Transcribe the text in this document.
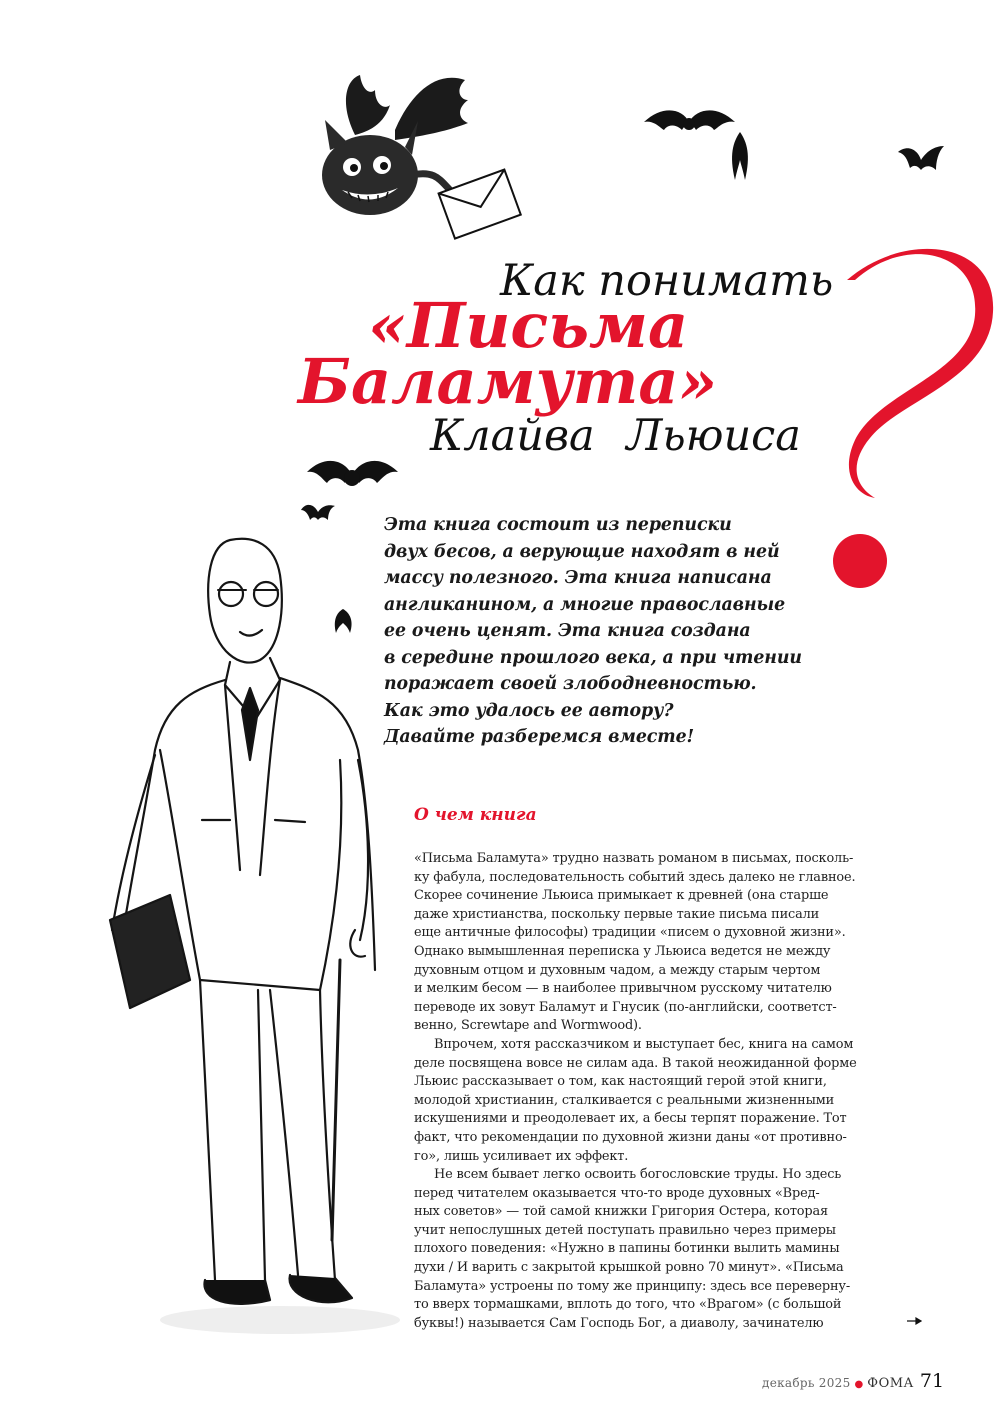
Как понимать
«Письма
Баламута»
Клайва Льюиса
Эта книга состоит из переписки
двух бесов, а верующие находят в ней
массу полезного. Эта книга написана
англиканином, а многие православные
ее очень ценят. Эта книга создана
в середине прошлого века, а при чтении
поражает своей злободневностью.
Как это удалось ее автору?
Давайте разберемся вместе!
О чем книга
«Письма Баламута» трудно назвать романом в письмах, посколь-
ку фабула, последовательность событий здесь далеко не главное.
Скорее сочинение Льюиса примыкает к древней (она старше
даже христианства, поскольку первые такие письма писали
еще античные философы) традиции «писем о духовной жизни».
Однако вымышленная переписка у Льюиса ведется не между
духовным отцом и духовным чадом, а между старым чертом
и мелким бесом — в наиболее привычном русскому читателю
переводе их зовут Баламут и Гнусик (по-английски, соответст-
венно, Screwtape and Wormwood).
Впрочем, хотя рассказчиком и выступает бес, книга на самом
деле посвящена вовсе не силам ада. В такой неожиданной форме
Льюис рассказывает о том, как настоящий герой этой книги,
молодой христианин, сталкивается с реальными жизненными
искушениями и преодолевает их, а бесы терпят поражение. Тот
факт, что рекомендации по духовной жизни даны «от противно-
го», лишь усиливает их эффект.
Не всем бывает легко освоить богословские труды. Но здесь
перед читателем оказывается что-то вроде духовных «Вред-
ных советов» — той самой книжки Григория Остера, которая
учит непослушных детей поступать правильно через примеры
плохого поведения: «Нужно в папины ботинки вылить мамины
духи / И варить с закрытой крышкой ровно 70 минут». «Письма
Баламута» устроены по тому же принципу: здесь все переверну-
то вверх тормашками, вплоть до того, что «Врагом» (с большой
буквы!) называется Сам Господь Бог, а диаволу, зачинателю
декабрь 2025 ● ФОМА 71
